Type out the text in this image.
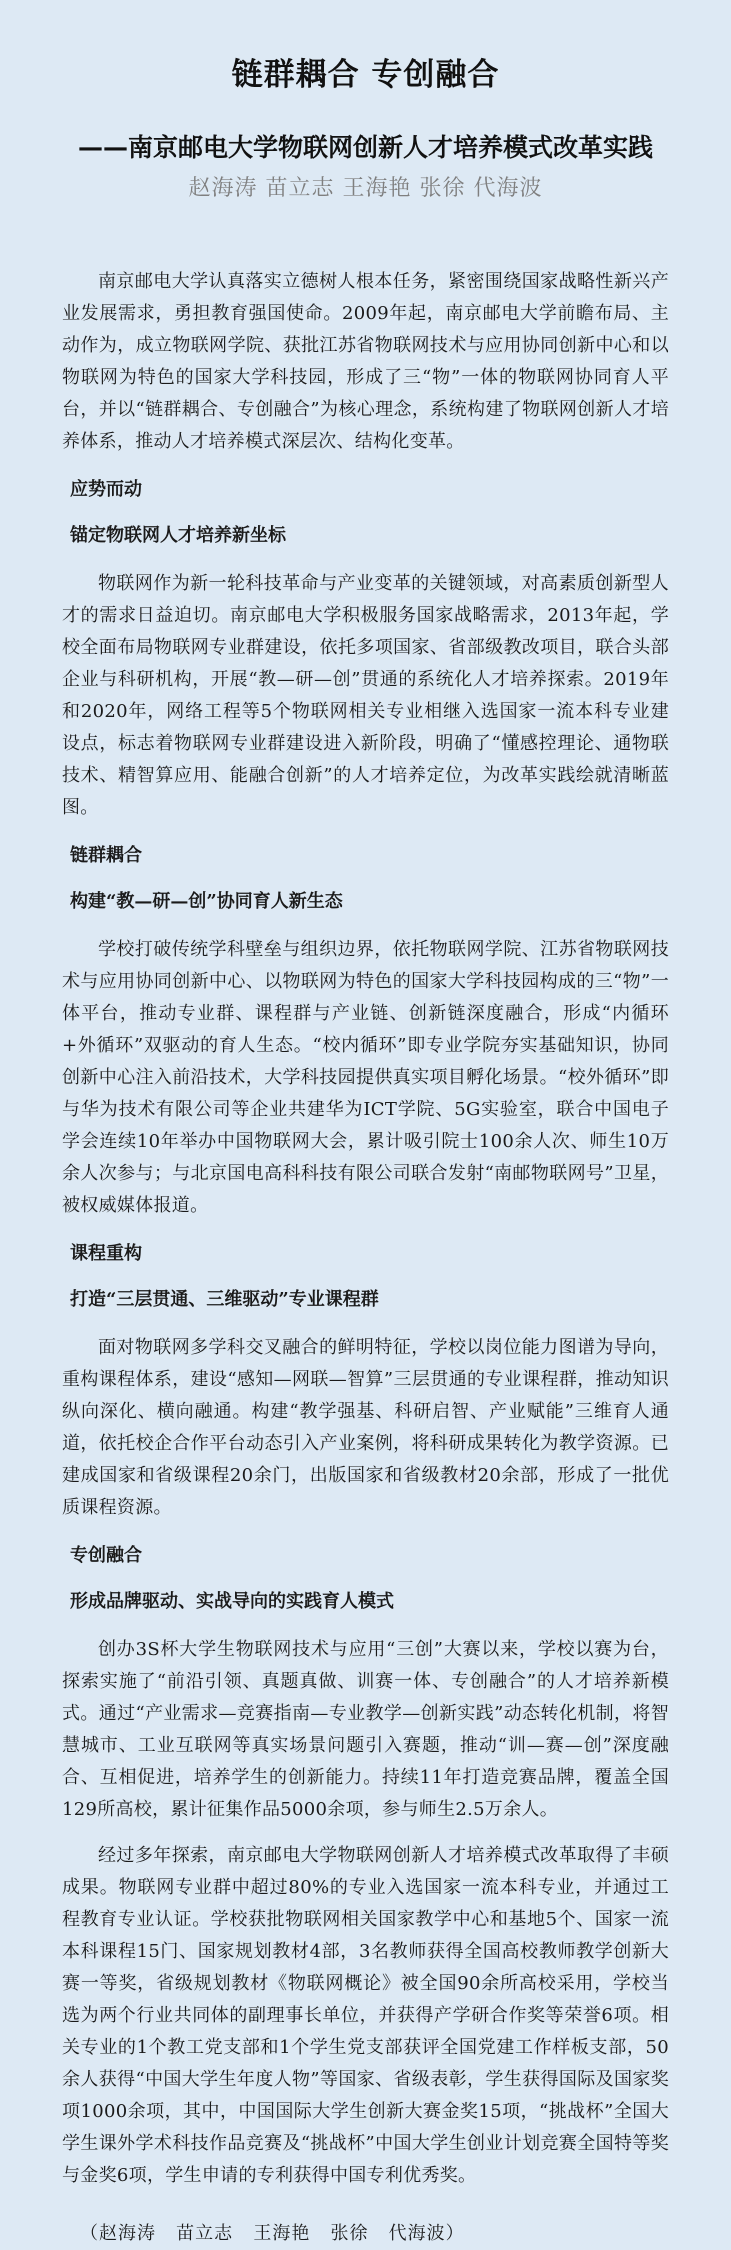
链群耦合 专创融合
——南京邮电大学物联网创新人才培养模式改革实践
赵海涛 苗立志 王海艳 张徐 代海波

南京邮电大学认真落实立德树人根本任务，紧密围绕国家战略性新兴产业发展需求，勇担教育强国使命。2009年起，南京邮电大学前瞻布局、主动作为，成立物联网学院、获批江苏省物联网技术与应用协同创新中心和以物联网为特色的国家大学科技园，形成了三“物”一体的物联网协同育人平台，并以“链群耦合、专创融合”为核心理念，系统构建了物联网创新人才培养体系，推动人才培养模式深层次、结构化变革。

应势而动
锚定物联网人才培养新坐标

物联网作为新一轮科技革命与产业变革的关键领域，对高素质创新型人才的需求日益迫切。南京邮电大学积极服务国家战略需求，2013年起，学校全面布局物联网专业群建设，依托多项国家、省部级教改项目，联合头部企业与科研机构，开展“教—研—创”贯通的系统化人才培养探索。2019年和2020年，网络工程等5个物联网相关专业相继入选国家一流本科专业建设点，标志着物联网专业群建设进入新阶段，明确了“懂感控理论、通物联技术、精智算应用、能融合创新”的人才培养定位，为改革实践绘就清晰蓝图。

链群耦合
构建“教—研—创”协同育人新生态

学校打破传统学科壁垒与组织边界，依托物联网学院、江苏省物联网技术与应用协同创新中心、以物联网为特色的国家大学科技园构成的三“物”一体平台，推动专业群、课程群与产业链、创新链深度融合，形成“内循环+外循环”双驱动的育人生态。“校内循环”即专业学院夯实基础知识，协同创新中心注入前沿技术，大学科技园提供真实项目孵化场景。“校外循环”即与华为技术有限公司等企业共建华为ICT学院、5G实验室，联合中国电子学会连续10年举办中国物联网大会，累计吸引院士100余人次、师生10万余人次参与；与北京国电高科科技有限公司联合发射“南邮物联网号”卫星，被权威媒体报道。

课程重构
打造“三层贯通、三维驱动”专业课程群

面对物联网多学科交叉融合的鲜明特征，学校以岗位能力图谱为导向，重构课程体系，建设“感知—网联—智算”三层贯通的专业课程群，推动知识纵向深化、横向融通。构建“教学强基、科研启智、产业赋能”三维育人通道，依托校企合作平台动态引入产业案例，将科研成果转化为教学资源。已建成国家和省级课程20余门，出版国家和省级教材20余部，形成了一批优质课程资源。

专创融合
形成品牌驱动、实战导向的实践育人模式

创办3S杯大学生物联网技术与应用“三创”大赛以来，学校以赛为台，探索实施了“前沿引领、真题真做、训赛一体、专创融合”的人才培养新模式。通过“产业需求—竞赛指南—专业教学—创新实践”动态转化机制，将智慧城市、工业互联网等真实场景问题引入赛题，推动“训—赛—创”深度融合、互相促进，培养学生的创新能力。持续11年打造竞赛品牌，覆盖全国129所高校，累计征集作品5000余项，参与师生2.5万余人。

经过多年探索，南京邮电大学物联网创新人才培养模式改革取得了丰硕成果。物联网专业群中超过80%的专业入选国家一流本科专业，并通过工程教育专业认证。学校获批物联网相关国家教学中心和基地5个、国家一流本科课程15门、国家规划教材4部，3名教师获得全国高校教师教学创新大赛一等奖，省级规划教材《物联网概论》被全国90余所高校采用，学校当选为两个行业共同体的副理事长单位，并获得产学研合作奖等荣誉6项。相关专业的1个教工党支部和1个学生党支部获评全国党建工作样板支部，50余人获得“中国大学生年度人物”等国家、省级表彰，学生获得国际及国家奖项1000余项，其中，中国国际大学生创新大赛金奖15项，“挑战杯”全国大学生课外学术科技作品竞赛及“挑战杯”中国大学生创业计划竞赛全国特等奖与金奖6项，学生申请的专利获得中国专利优秀奖。

（赵海涛   苗立志   王海艳   张徐   代海波）
